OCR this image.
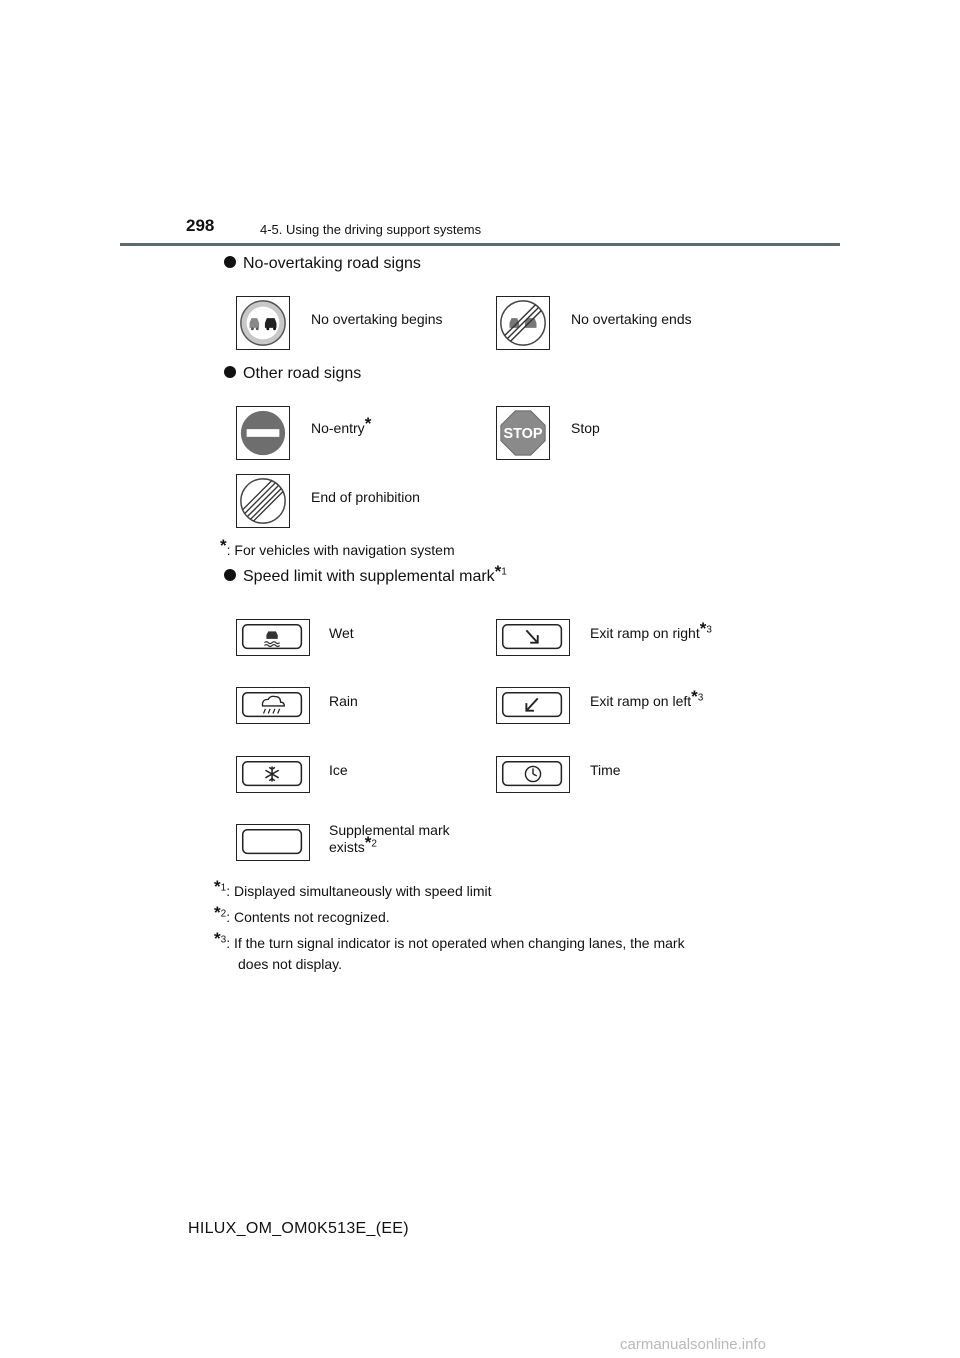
298	4-5. Using the driving support systems
No-overtaking road signs
No overtaking begins	No overtaking ends
Other road signs
No-entry*
STOP Stop
End of prohibition
*: For vehicles with navigation system
Speed limit with supplemental mark*$^1$
Wet
Rain
Ice
Supplemental mark
exists*$^2$
Exit ramp on right*$^3$
Exit ramp on left*$^3$
Time
*$^1$: Displayed simultaneously with speed limit
*$^2$: Contents not recognized.
*$^3$: If the turn signal indicator is not operated when changing lanes, the mark
does not display.
HILUX_OM_OM0K513E_(EE)
carmanualsonline.info
